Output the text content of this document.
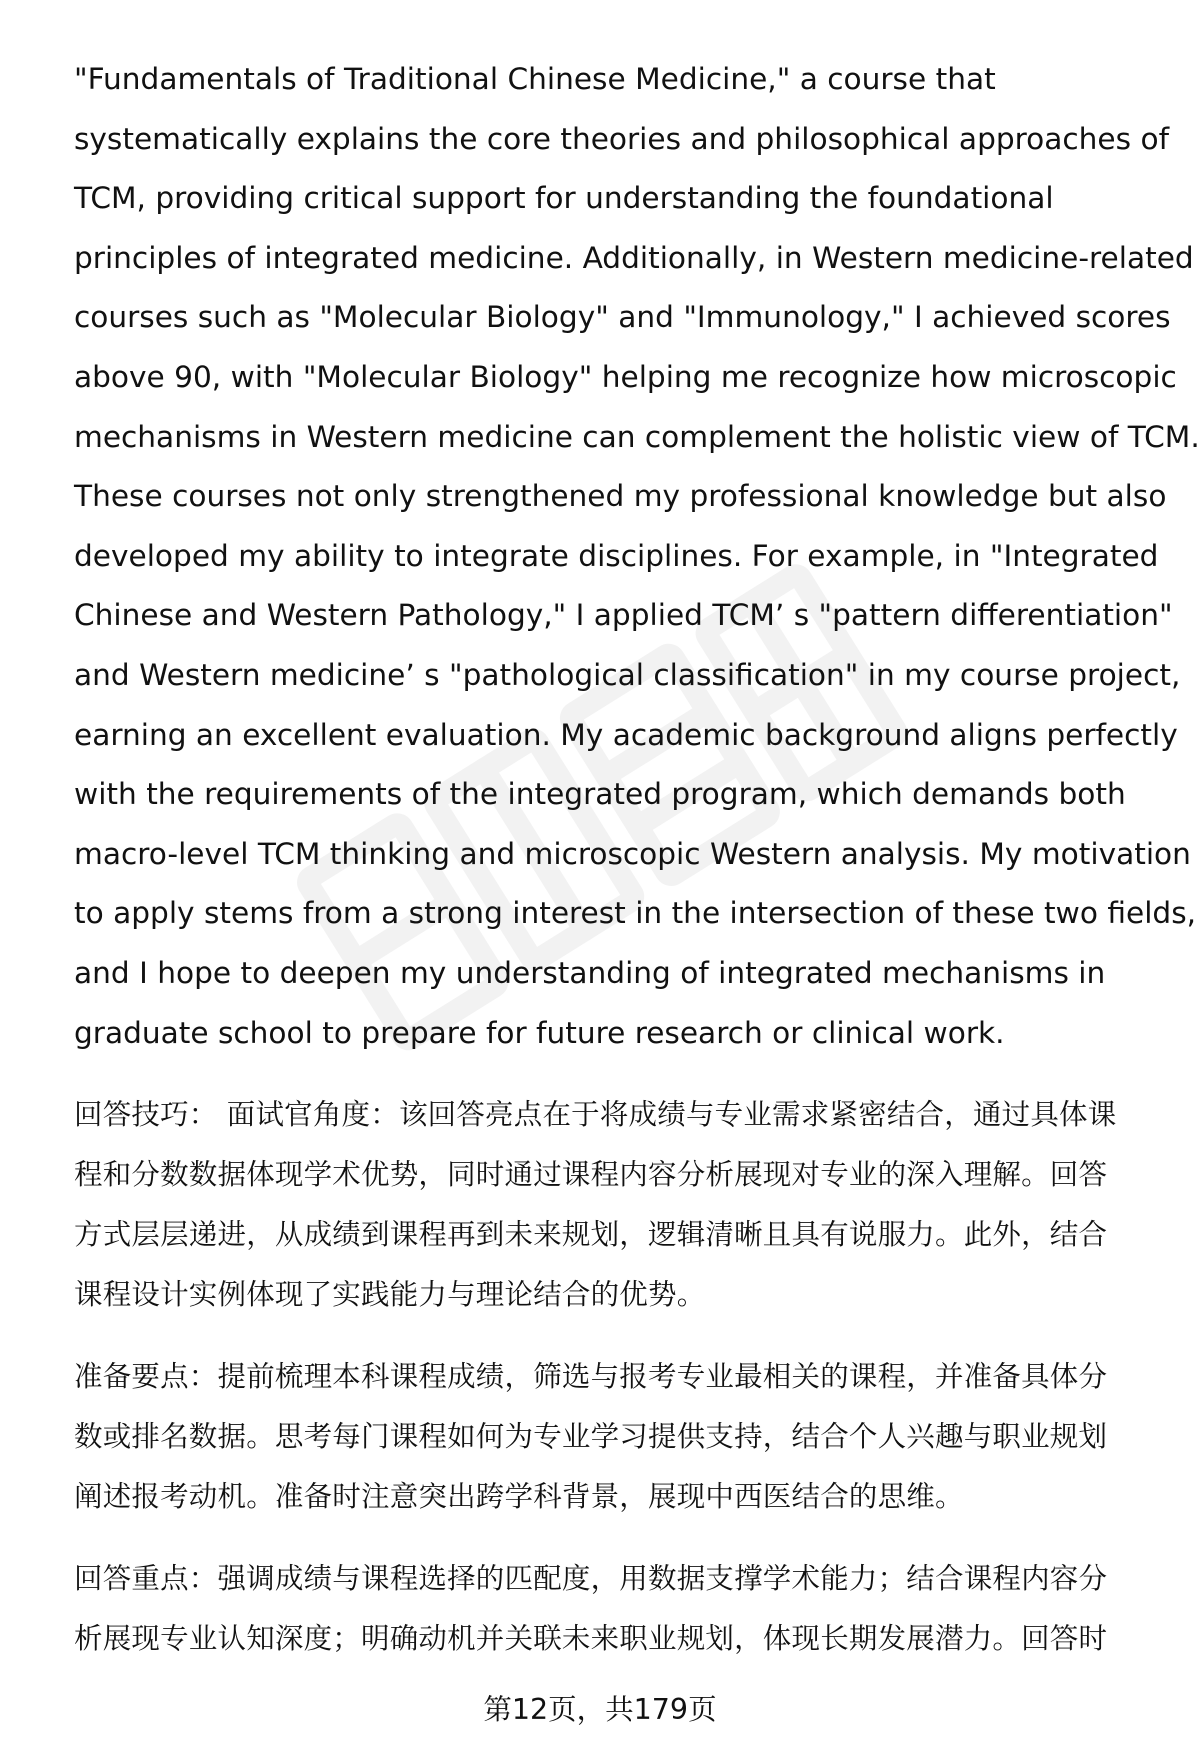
"Fundamentals of Traditional Chinese Medicine," a course that
systematically explains the core theories and philosophical approaches of
TCM, providing critical support for understanding the foundational
principles of integrated medicine. Additionally, in Western medicine-related
courses such as "Molecular Biology" and "Immunology," I achieved scores
above 90, with "Molecular Biology" helping me recognize how microscopic
mechanisms in Western medicine can complement the holistic view of TCM.
These courses not only strengthened my professional knowledge but also
developed my ability to integrate disciplines. For example, in "Integrated
Chinese and Western Pathology," I applied TCM’ s "pattern differentiation"
and Western medicine’ s "pathological classification" in my course project,
earning an excellent evaluation. My academic background aligns perfectly
with the requirements of the integrated program, which demands both
macro-level TCM thinking and microscopic Western analysis. My motivation
to apply stems from a strong interest in the intersection of these two fields,
and I hope to deepen my understanding of integrated mechanisms in
graduate school to prepare for future research or clinical work.

回答技巧： 面试官角度：该回答亮点在于将成绩与专业需求紧密结合，通过具体课
程和分数数据体现学术优势，同时通过课程内容分析展现对专业的深入理解。回答
方式层层递进，从成绩到课程再到未来规划，逻辑清晰且具有说服力。此外，结合
课程设计实例体现了实践能力与理论结合的优势。

准备要点：提前梳理本科课程成绩，筛选与报考专业最相关的课程，并准备具体分
数或排名数据。思考每门课程如何为专业学习提供支持，结合个人兴趣与职业规划
阐述报考动机。准备时注意突出跨学科背景，展现中西医结合的思维。

回答重点：强调成绩与课程选择的匹配度，用数据支撑学术能力；结合课程内容分
析展现专业认知深度；明确动机并关联未来职业规划，体现长期发展潜力。回答时

第12页，共179页
